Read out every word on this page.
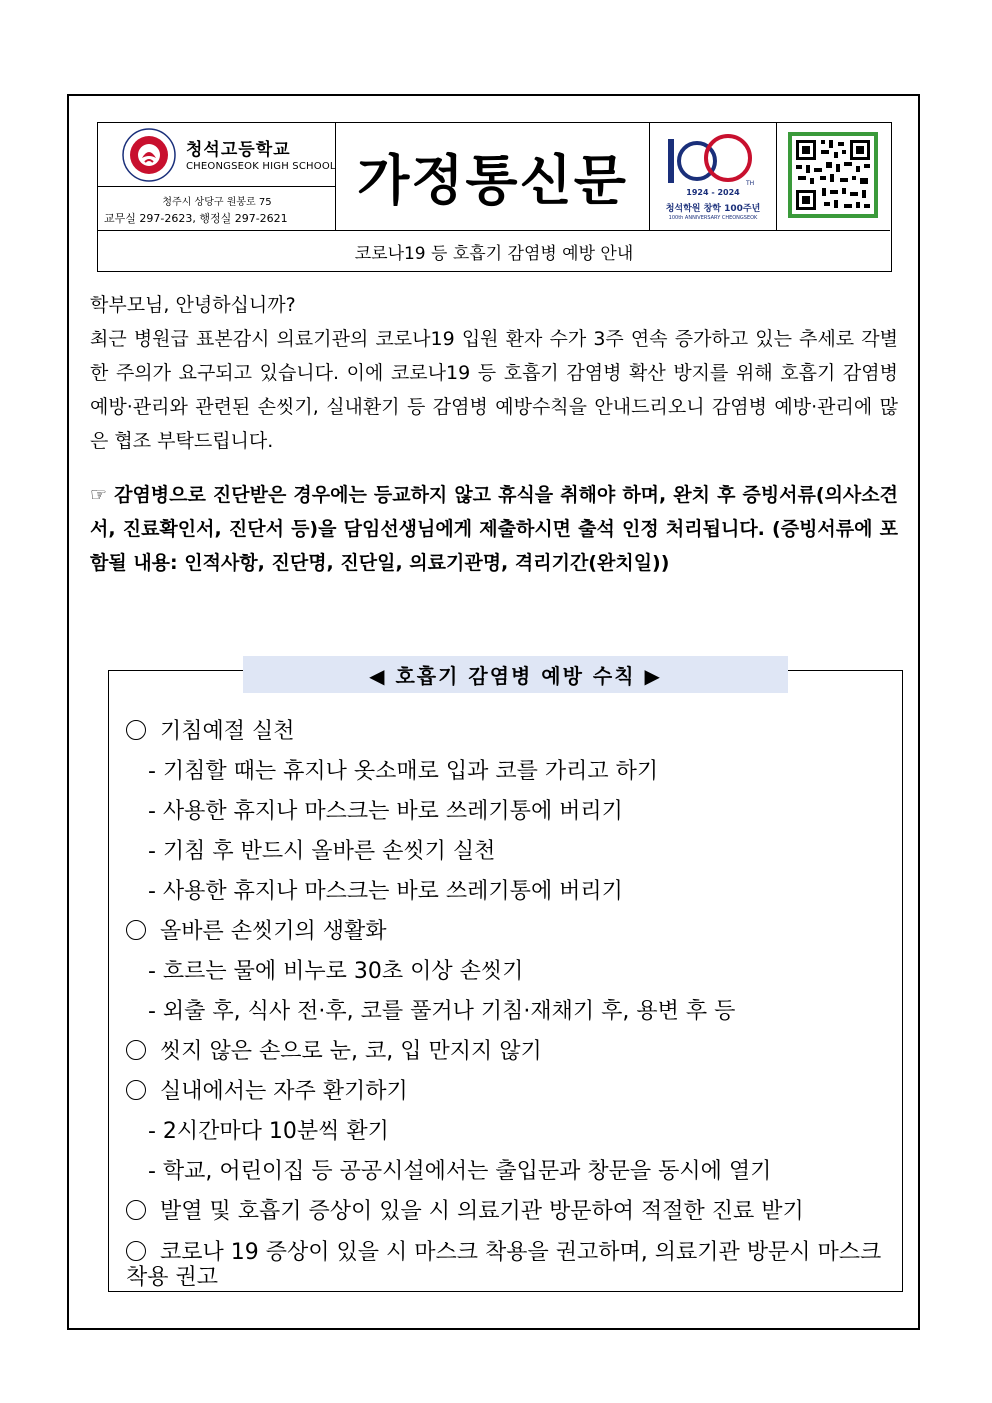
청석고등학교
CHEONGSEOK HIGH SCHOOL
청주시 상당구 원봉로 75
교무실 297-2623, 행정실 297-2621
가정통신문	TH
1924 - 2024
청석학원 창학 100주년
100th ANNIVERSARY CHEONGSEOK
코로나19 등 호흡기 감염병 예방 안내
학부모님, 안녕하십니까?
최근 병원급 표본감시 의료기관의 코로나19 입원 환자 수가 3주 연속 증가하고 있는 추세로 각별한 주의가 요구되고 있습니다. 이에 코로나19 등 호흡기 감염병 확산 방지를 위해 호흡기 감염병 예방·관리와 관련된 손씻기, 실내환기 등 감염병 예방수칙을 안내드리오니 감염병 예방·관리에 많은 협조 부탁드립니다.
☞ 감염병으로 진단받은 경우에는 등교하지 않고 휴식을 취해야 하며, 완치 후 증빙서류(의사소견서, 진료확인서, 진단서 등)을 담임선생님에게 제출하시면 출석 인정 처리됩니다. (증빙서류에 포함될 내용: 인적사항, 진단명, 진단일, 의료기관명, 격리기간(완치일))
◀ 호흡기 감염병 예방 수칙 ▶
기침예절 실천
- 기침할 때는 휴지나 옷소매로 입과 코를 가리고 하기
- 사용한 휴지나 마스크는 바로 쓰레기통에 버리기
- 기침 후 반드시 올바른 손씻기 실천
- 사용한 휴지나 마스크는 바로 쓰레기통에 버리기
올바른 손씻기의 생활화
- 흐르는 물에 비누로 30초 이상 손씻기
- 외출 후, 식사 전·후, 코를 풀거나 기침·재채기 후, 용변 후 등
씻지 않은 손으로 눈, 코, 입 만지지 않기
실내에서는 자주 환기하기
- 2시간마다 10분씩 환기
- 학교, 어린이집 등 공공시설에서는 출입문과 창문을 동시에 열기
발열 및 호흡기 증상이 있을 시 의료기관 방문하여 적절한 진료 받기
코로나 19 증상이 있을 시 마스크 착용을 권고하며, 의료기관 방문시 마스크 착용 권고
